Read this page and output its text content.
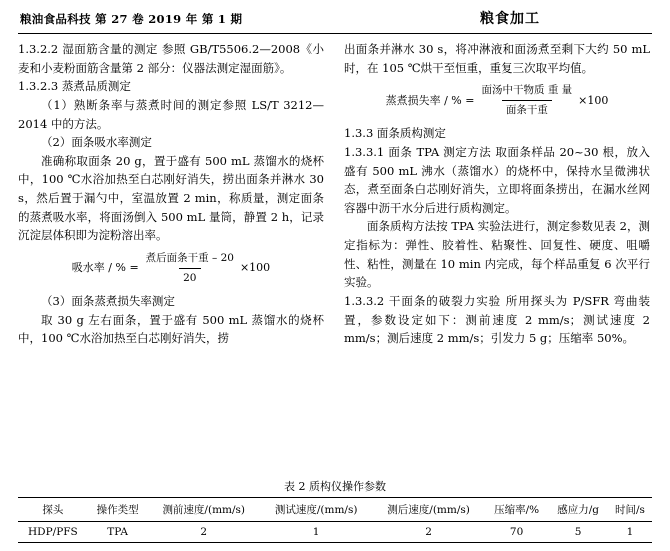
粮油食品科技 第 27 卷 2019 年 第 1 期	粮食加工

1.3.2.2 湿面筋含量的测定 参照 GB/T5506.2—2008《小麦和小麦粉面筋含量第 2 部分：仪器法测定湿面筋》。

1.3.2.3 蒸煮品质测定

（1）熟断条率与蒸煮时间的测定参照 LS/T 3212—2014 中的方法。

（2）面条吸水率测定

准确称取面条 20 g，置于盛有 500 mL 蒸馏水的烧杯中，100 ℃水浴加热至白芯刚好消失，捞出面条并淋水 30 s，然后置于漏勺中，室温放置 2 min，称质量，测定面条的蒸煮吸水率，将面汤倒入 500 mL 量筒，静置 2 h，记录沉淀层体积即为淀粉溶出率。

吸水率 / % = $\frac{\text{煮后面条干重 – 20}}{20} \times 100$

（3）面条蒸煮损失率测定

取 30 g 左右面条，置于盛有 500 mL 蒸馏水的烧杯中，100 ℃水浴加热至白芯刚好消失，捞

出面条并淋水 30 s，将冲淋液和面汤煮至剩下大约 50 mL 时，在 105 ℃烘干至恒重，重复三次取平均值。

蒸煮损失率 / % = $\frac{\text{面汤中干物质 重 量}}{\text{面条干重}} \times 100$

1.3.3 面条质构测定

1.3.3.1 面条 TPA 测定方法 取面条样品 20~30 根，放入盛有 500 mL 沸水（蒸馏水）的烧杯中，保持水呈微沸状态，煮至面条白芯刚好消失，立即将面条捞出，在漏水丝网容器中沥干水分后进行质构测定。

面条质构方法按 TPA 实验法进行，测定参数见表 2，测定指标为：弹性、胶着性、粘聚性、回复性、硬度、咀嚼性、粘性，测量在 10 min 内完成，每个样品重复 6 次平行实验。

1.3.3.2 干面条的破裂力实验 所用探头为 P/SFR 弯曲装置，参数设定如下：测前速度 2 mm/s；测试速度 2 mm/s；测后速度 2 mm/s；引发力 5 g；压缩率 50%。

表 2 质构仪操作参数
探头	操作类型	测前速度/(mm/s)	测试速度/(mm/s)	测后速度/(mm/s)	压缩率/%	感应力/g	时间/s
HDP/PFS	TPA	2	1	2	70	5	1
